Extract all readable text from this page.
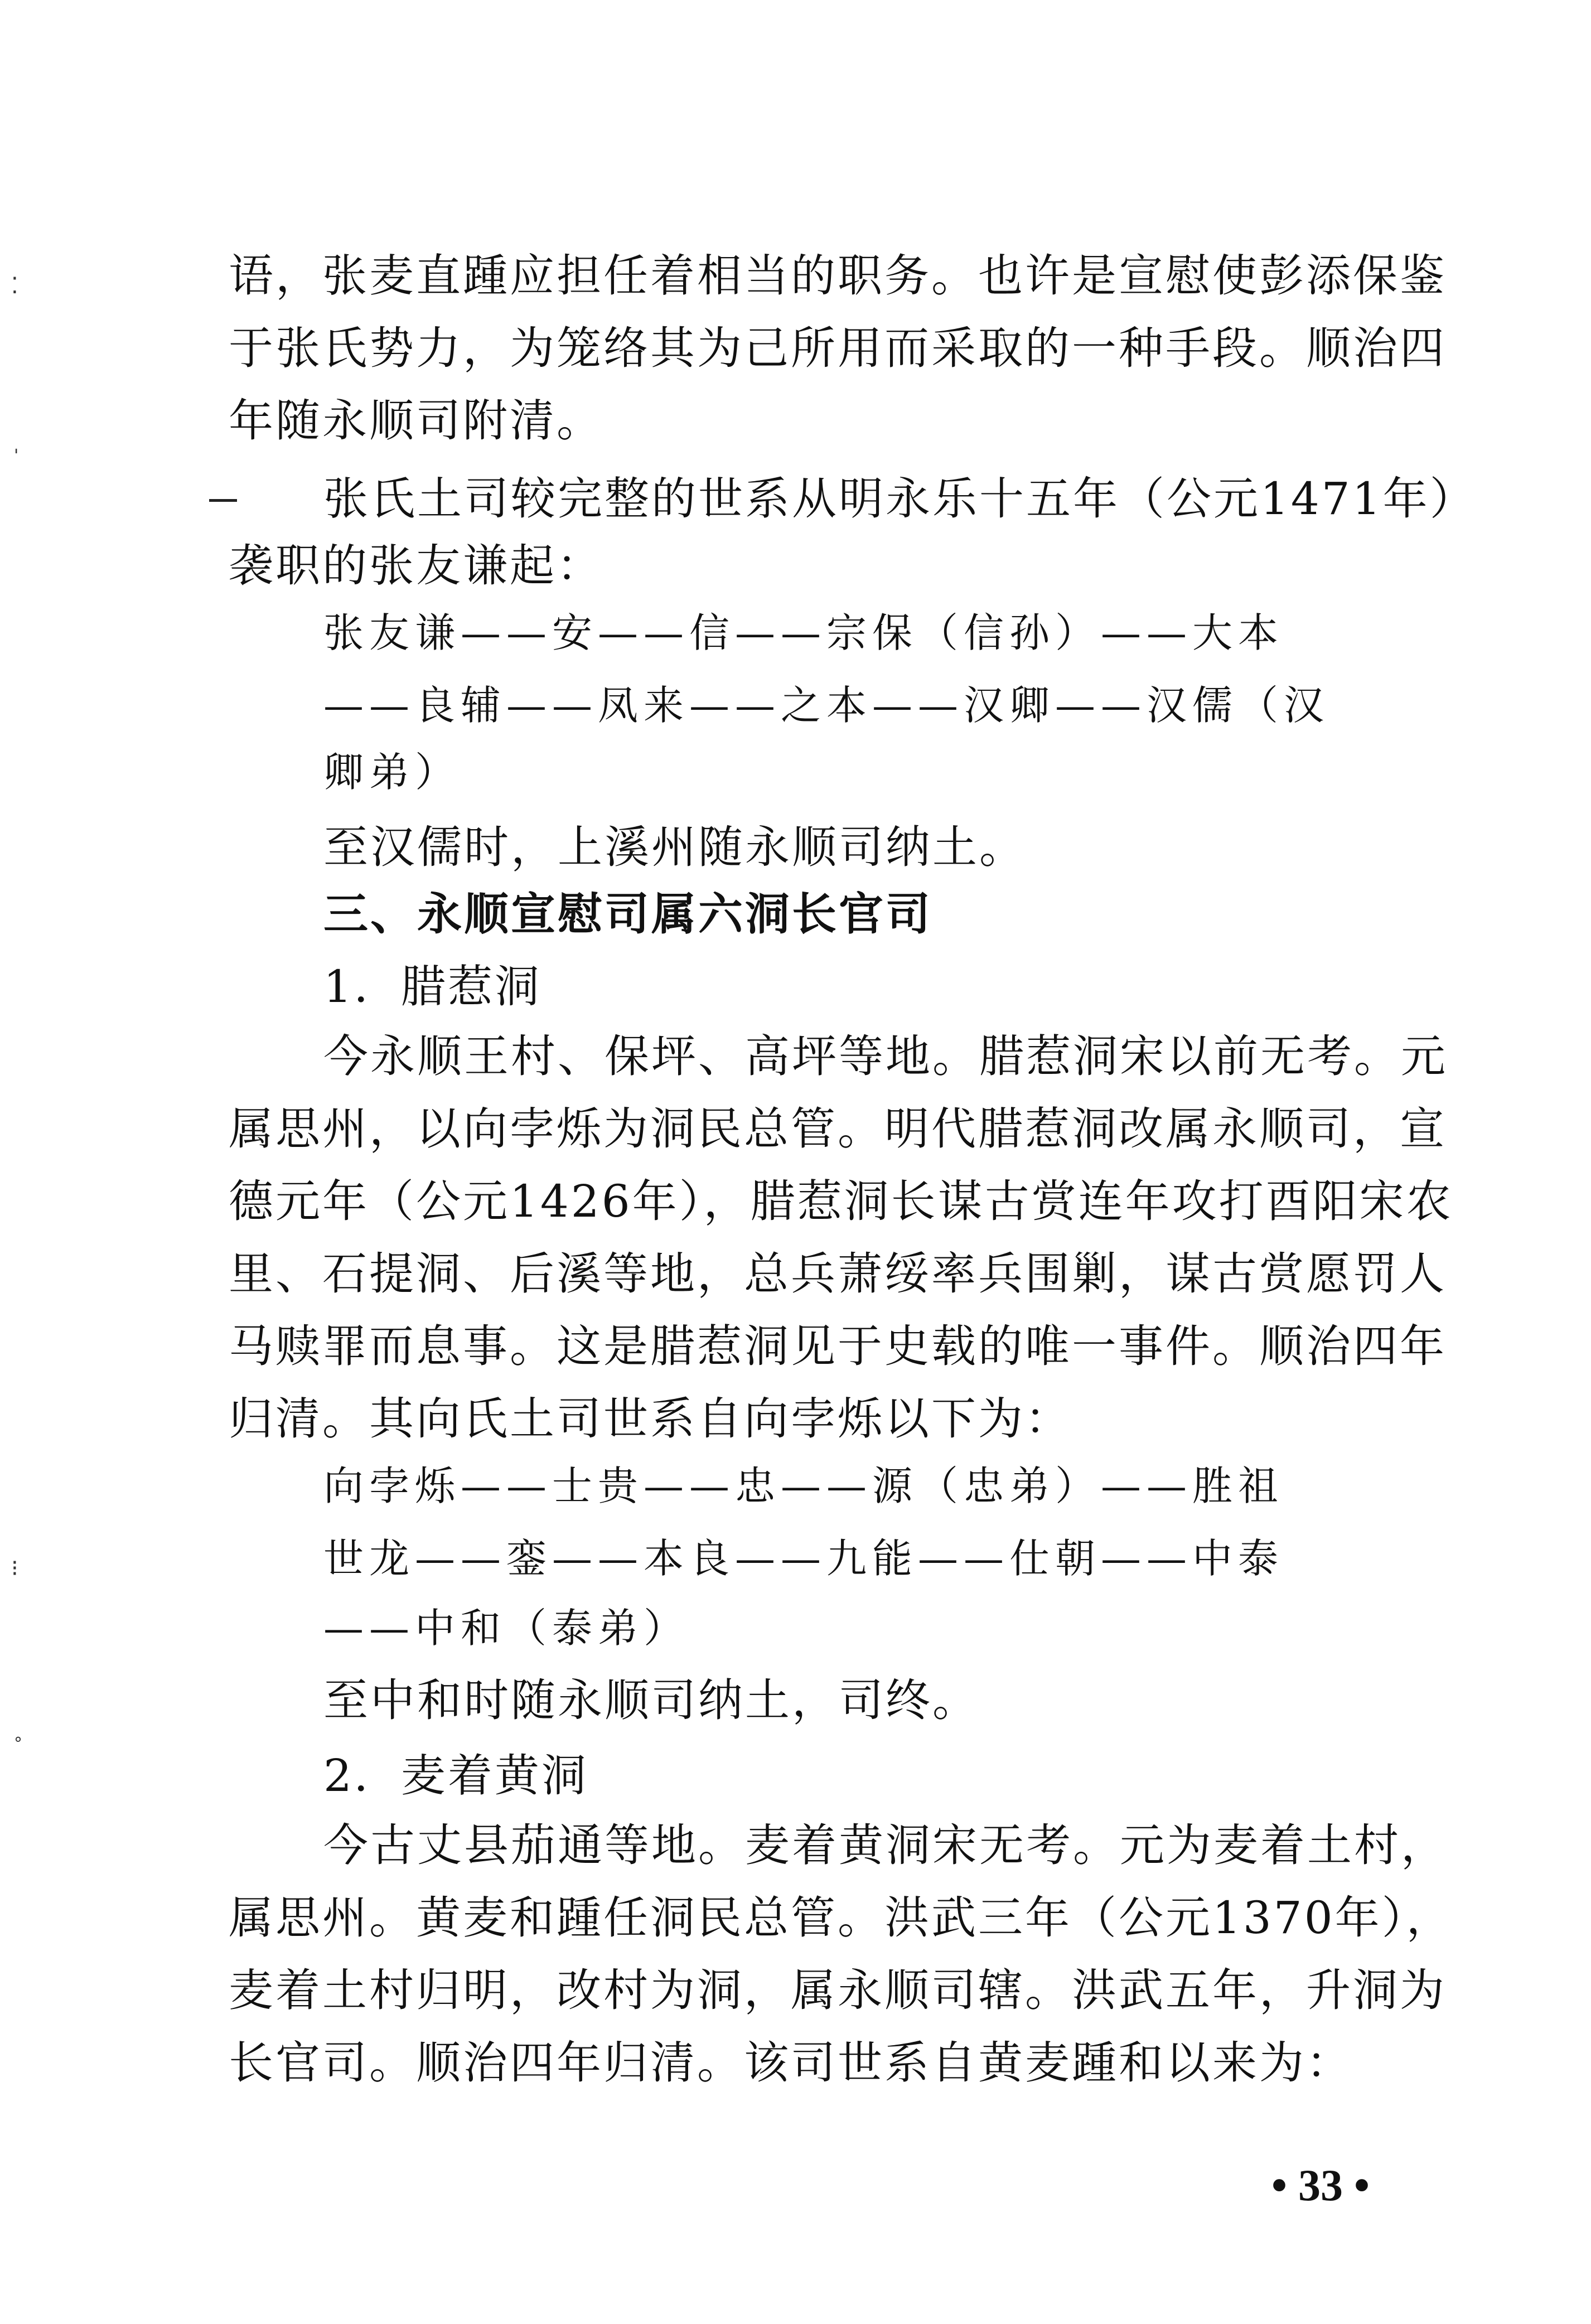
⁚
'
⁝
°
语，张麦直踵应担任着相当的职务。也许是宣慰使彭添保鉴
于张氏势力，为笼络其为己所用而采取的一种手段。顺治四
年随永顺司附清。
张氏土司较完整的世系从明永乐十五年（公元1471年）
袭职的张友谦起：
张友谦——安——信——宗保（信孙）——大本
——良辅——凤来——之本——汉卿——汉儒（汉
卿弟）
至汉儒时，上溪州随永顺司纳土。
三、永顺宣慰司属六洞长官司
1．腊惹洞
今永顺王村、保坪、高坪等地。腊惹洞宋以前无考。元
属思州，以向孛烁为洞民总管。明代腊惹洞改属永顺司，宣
德元年（公元1426年），腊惹洞长谋古赏连年攻打酉阳宋农
里、石提洞、后溪等地，总兵萧绥率兵围剿，谋古赏愿罚人
马赎罪而息事。这是腊惹洞见于史载的唯一事件。顺治四年
归清。其向氏土司世系自向孛烁以下为：
向孛烁——士贵——忠——源（忠弟）——胜祖
世龙——銮——本良——九能——仕朝——中泰
——中和（泰弟）
至中和时随永顺司纳土，司终。
2．麦着黄洞
今古丈县茄通等地。麦着黄洞宋无考。元为麦着土村，
属思州。黄麦和踵任洞民总管。洪武三年（公元1370年），
麦着土村归明，改村为洞，属永顺司辖。洪武五年，升洞为
长官司。顺治四年归清。该司世系自黄麦踵和以来为：
• 33 •
